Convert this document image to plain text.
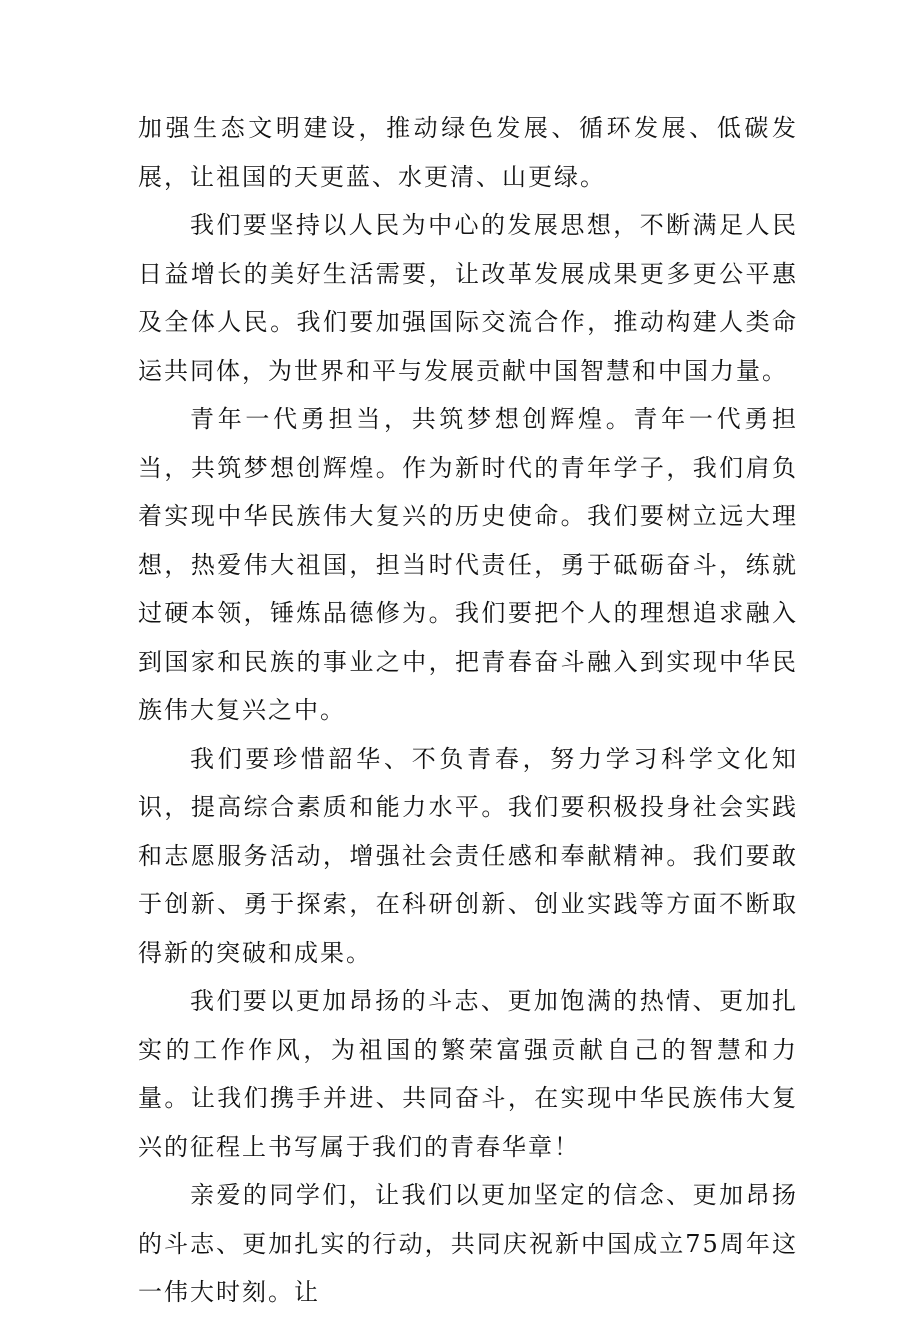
加强生态文明建设，推动绿色发展、循环发展、低碳发展，让祖国的天更蓝、水更清、山更绿。

我们要坚持以人民为中心的发展思想，不断满足人民日益增长的美好生活需要，让改革发展成果更多更公平惠及全体人民。我们要加强国际交流合作，推动构建人类命运共同体，为世界和平与发展贡献中国智慧和中国力量。

青年一代勇担当，共筑梦想创辉煌。青年一代勇担当，共筑梦想创辉煌。作为新时代的青年学子，我们肩负着实现中华民族伟大复兴的历史使命。我们要树立远大理想，热爱伟大祖国，担当时代责任，勇于砥砺奋斗，练就过硬本领，锤炼品德修为。我们要把个人的理想追求融入到国家和民族的事业之中，把青春奋斗融入到实现中华民族伟大复兴之中。

我们要珍惜韶华、不负青春，努力学习科学文化知识，提高综合素质和能力水平。我们要积极投身社会实践和志愿服务活动，增强社会责任感和奉献精神。我们要敢于创新、勇于探索，在科研创新、创业实践等方面不断取得新的突破和成果。

我们要以更加昂扬的斗志、更加饱满的热情、更加扎实的工作作风，为祖国的繁荣富强贡献自己的智慧和力量。让我们携手并进、共同奋斗，在实现中华民族伟大复兴的征程上书写属于我们的青春华章！

亲爱的同学们，让我们以更加坚定的信念、更加昂扬的斗志、更加扎实的行动，共同庆祝新中国成立75周年这一伟大时刻。让
